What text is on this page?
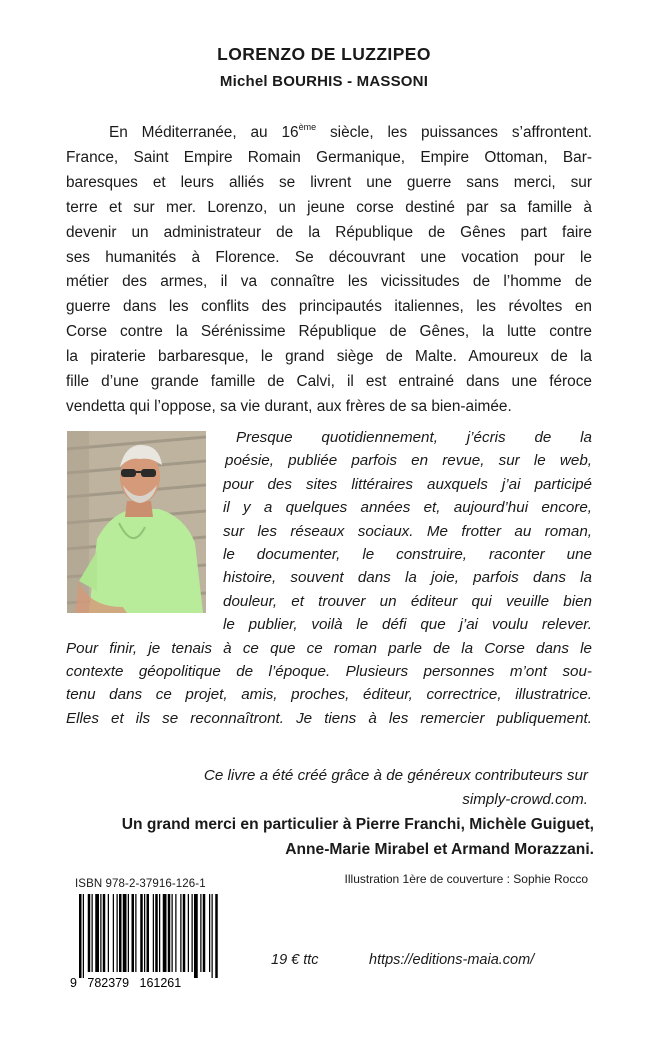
LORENZO DE LUZZIPEO
Michel BOURHIS - MASSONI
En Méditerranée, au 16ème siècle, les puissances s’affrontent.
France, Saint Empire Romain Germanique, Empire Ottoman, Bar-
baresques et leurs alliés se livrent une guerre sans merci, sur
terre et sur mer. Lorenzo, un jeune corse destiné par sa famille à
devenir un administrateur de la République de Gênes part faire
ses humanités à Florence. Se découvrant une vocation pour le
métier des armes, il va connaître les vicissitudes de l’homme de
guerre dans les conflits des principautés italiennes, les révoltes en
Corse contre la Sérénissime République de Gênes, la lutte contre
la piraterie barbaresque, le grand siège de Malte. Amoureux de la
fille d’une grande famille de Calvi, il est entrainé dans une féroce
vendetta qui l’oppose, sa vie durant, aux frères de sa bien-aimée.
Presque quotidiennement, j’écris de la
poésie, publiée parfois en revue, sur le web,
pour des sites littéraires auxquels j’ai participé
il y a quelques années et, aujourd’hui encore,
sur les réseaux sociaux. Me frotter au roman,
le documenter, le construire, raconter une
histoire, souvent dans la joie, parfois dans la
douleur, et trouver un éditeur qui veuille bien
le publier, voilà le défi que j’ai voulu relever.
Pour finir, je tenais à ce que ce roman parle de la Corse dans le
contexte géopolitique de l’époque. Plusieurs personnes m’ont sou-
tenu dans ce projet, amis, proches, éditeur, correctrice, illustratrice.
Elles et ils se reconnaîtront. Je tiens à les remercier publiquement.
Ce livre a été créé grâce à de généreux contributeurs sur
simply-crowd.com.
Un grand merci en particulier à Pierre Franchi, Michèle Guiguet,
Anne-Marie Mirabel et Armand Morazzani.
Illustration 1ère de couverture : Sophie Rocco
ISBN 978-2-37916-126-1
9   782379   161261
19 € ttc	https://editions-maia.com/
